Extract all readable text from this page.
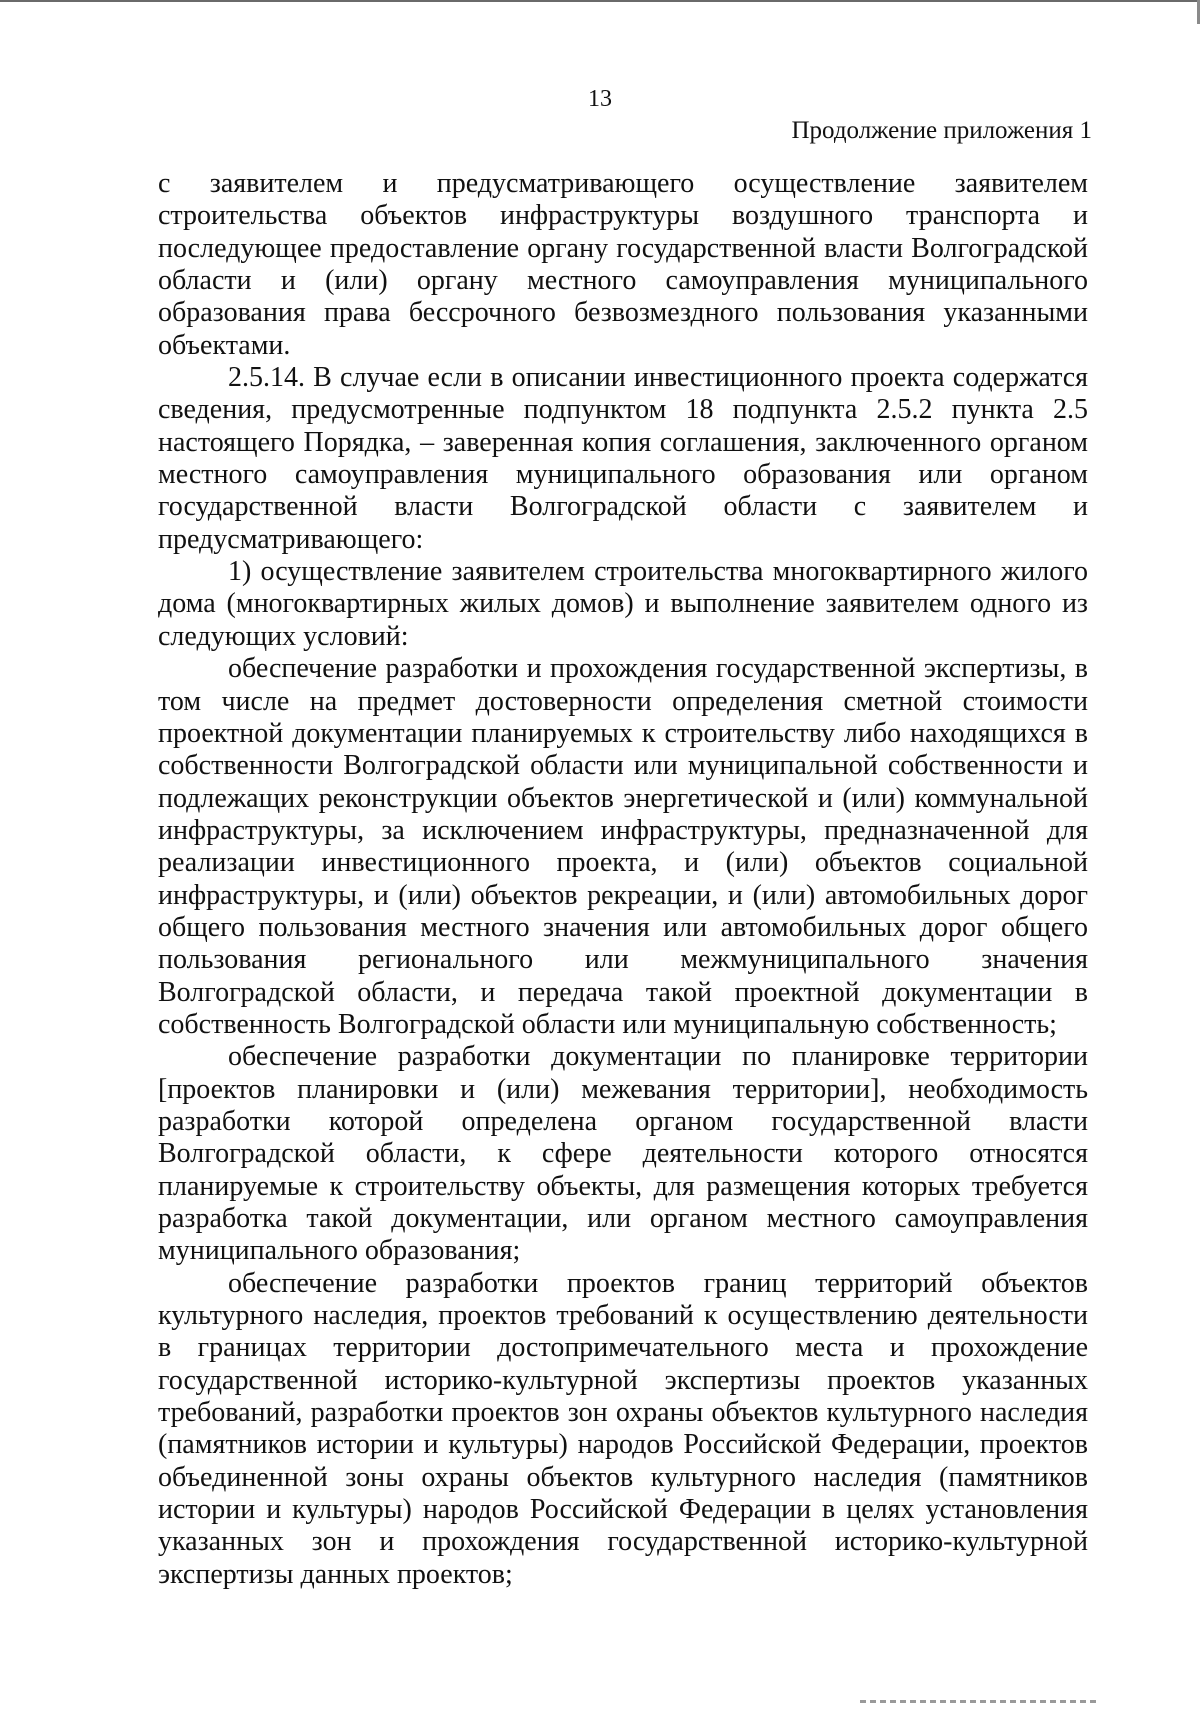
13
Продолжение приложения 1

с заявителем и предусматривающего осуществление заявителем строительства объектов инфраструктуры воздушного транспорта и последующее предоставление органу государственной власти Волгоградской области и (или) органу местного самоуправления муниципального образования права бессрочного безвозмездного пользования указанными объектами.

2.5.14. В случае если в описании инвестиционного проекта содержатся сведения, предусмотренные подпунктом 18 подпункта 2.5.2 пункта 2.5 настоящего Порядка, – заверенная копия соглашения, заключенного органом местного самоуправления муниципального образования или органом государственной власти Волгоградской области с заявителем и предусматривающего:

1) осуществление заявителем строительства многоквартирного жилого дома (многоквартирных жилых домов) и выполнение заявителем одного из следующих условий:

обеспечение разработки и прохождения государственной экспертизы, в том числе на предмет достоверности определения сметной стоимости проектной документации планируемых к строительству либо находящихся в собственности Волгоградской области или муниципальной собственности и подлежащих реконструкции объектов энергетической и (или) коммунальной инфраструктуры, за исключением инфраструктуры, предназначенной для реализации инвестиционного проекта, и (или) объектов социальной инфраструктуры, и (или) объектов рекреации, и (или) автомобильных дорог общего пользования местного значения или автомобильных дорог общего пользования регионального или межмуниципального значения Волгоградской области, и передача такой проектной документации в собственность Волгоградской области или муниципальную собственность;

обеспечение разработки документации по планировке территории [проектов планировки и (или) межевания территории], необходимость разработки которой определена органом государственной власти Волгоградской области, к сфере деятельности которого относятся планируемые к строительству объекты, для размещения которых требуется разработка такой документации, или органом местного самоуправления муниципального образования;

обеспечение разработки проектов границ территорий объектов культурного наследия, проектов требований к осуществлению деятельности в границах территории достопримечательного места и прохождение государственной историко-культурной экспертизы проектов указанных требований, разработки проектов зон охраны объектов культурного наследия (памятников истории и культуры) народов Российской Федерации, проектов объединенной зоны охраны объектов культурного наследия (памятников истории и культуры) народов Российской Федерации в целях установления указанных зон и прохождения государственной историко-культурной экспертизы данных проектов;
